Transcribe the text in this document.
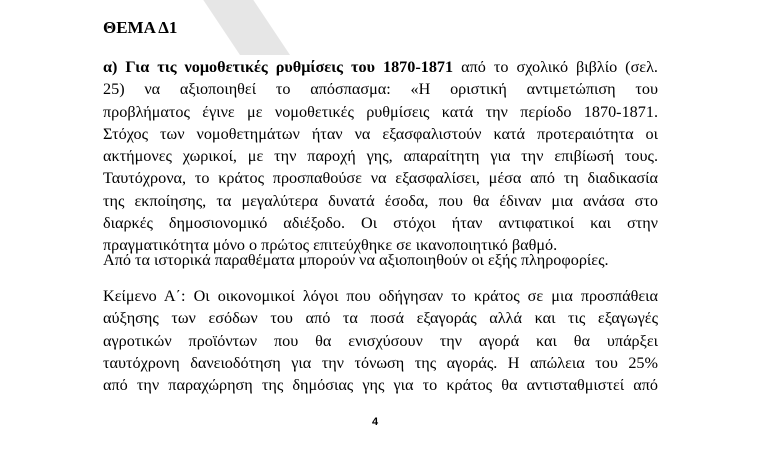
ΘΕΜΑ Δ1
α) Για τις νομοθετικές ρυθμίσεις του 1870-1871 από το σχολικό βιβλίο (σελ.
25) να αξιοποιηθεί το απόσπασμα: «Η οριστική αντιμετώπιση του
προβλήματος έγινε με νομοθετικές ρυθμίσεις κατά την περίοδο 1870-1871.
Στόχος των νομοθετημάτων ήταν να εξασφαλιστούν κατά προτεραιότητα οι
ακτήμονες χωρικοί, με την παροχή γης, απαραίτητη για την επιβίωσή τους.
Ταυτόχρονα, το κράτος προσπαθούσε να εξασφαλίσει, μέσα από τη διαδικασία
της εκποίησης, τα μεγαλύτερα δυνατά έσοδα, που θα έδιναν μια ανάσα στο
διαρκές δημοσιονομικό αδιέξοδο. Οι στόχοι ήταν αντιφατικοί και στην
πραγματικότητα μόνο ο πρώτος επιτεύχθηκε σε ικανοποιητικό βαθμό.

Από τα ιστορικά παραθέματα μπορούν να αξιοποιηθούν οι εξής πληροφορίες.

Κείμενο Α΄: Οι οικονομικοί λόγοι που οδήγησαν το κράτος σε μια προσπάθεια
αύξησης των εσόδων του από τα ποσά εξαγοράς αλλά και τις εξαγωγές
αγροτικών προϊόντων που θα ενισχύσουν την αγορά και θα υπάρξει
ταυτόχρονη δανειοδότηση για την τόνωση της αγοράς. Η απώλεια του 25%
από την παραχώρηση της δημόσιας γης για το κράτος θα αντισταθμιστεί από
4
